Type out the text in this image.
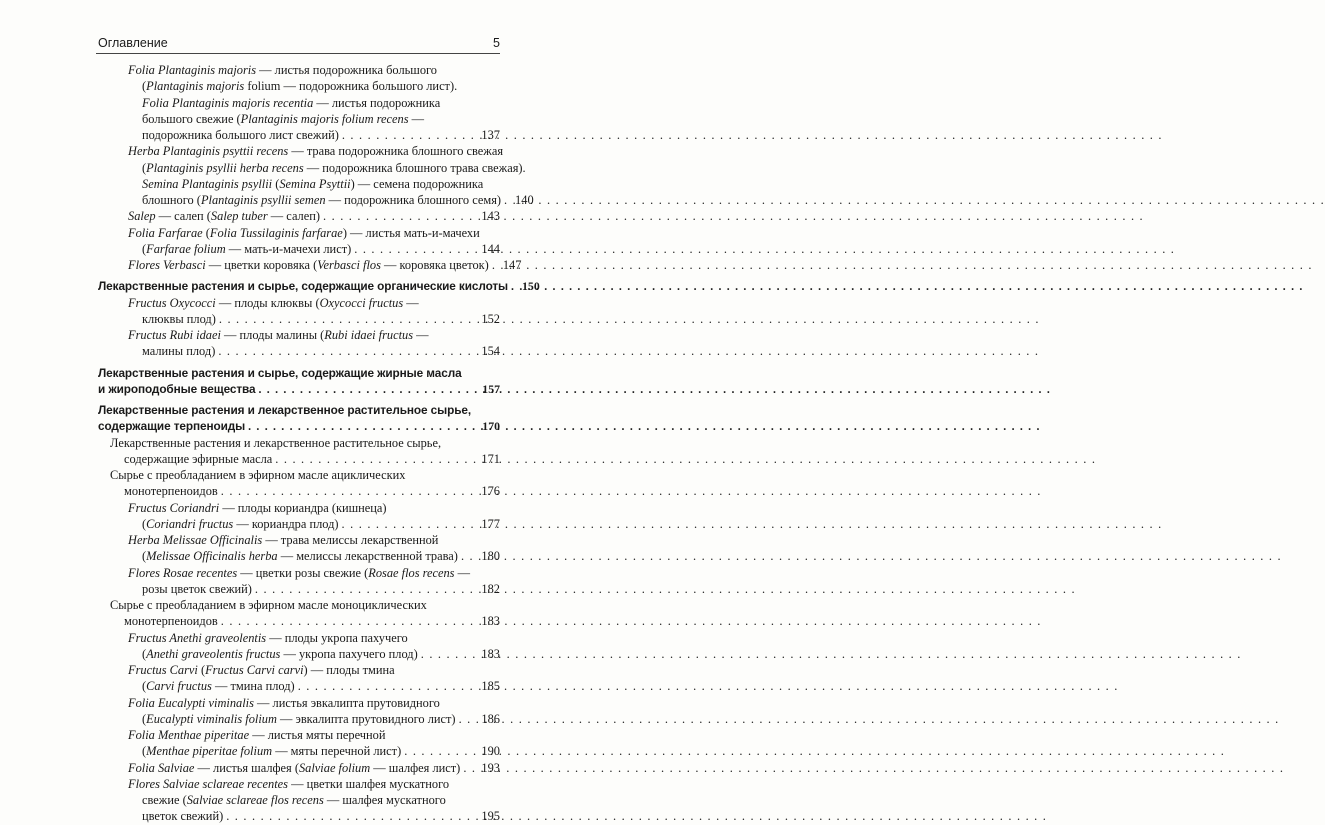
Оглавление	5
Folia Plantaginis majoris — листья подорожника большого
(Plantaginis majoris folium — подорожника большого лист).
Folia Plantaginis majoris recentia — листья подорожника
большого свежие (Plantaginis majoris folium recens —
подорожника большого лист свежий) . . .	137
Herba Plantaginis psyttii recens — трава подорожника блошного свежая
(Plantaginis psyllii herba recens — подорожника блошного трава свежая).
Semina Plantaginis psyllii (Semina Psyttii) — семена подорожника
блошного (Plantaginis psyllii semen — подорожника блошного семя) . . . 140
Salep — салеп (Salep tuber — салеп) . . .	143
Folia Farfarae (Folia Tussilaginis farfarae) — листья мать-и-мачехи
(Farfarae folium — мать-и-мачехи лист) . . .	144
Flores Verbasci — цветки коровяка (Verbasci flos — коровяка цветок) . . . 147
Лекарственные растения и сырье, содержащие органические кислоты . . . 150
Fructus Oxycocci — плоды клюквы (Oxycocci fructus —
клюквы плод) . . .	152
Fructus Rubi idaei — плоды малины (Rubi idaei fructus —
малины плод) . . .	154
Лекарственные растения и сырье, содержащие жирные масла
и жироподобные вещества . . .	157
Лекарственные растения и лекарственное растительное сырье,
содержащие терпеноиды . . .	170
Лекарственные растения и лекарственное растительное сырье,
содержащие эфирные масла . . .	171
Сырье с преобладанием в эфирном масле ациклических
монотерпеноидов . . .	176
Fructus Coriandri — плоды кориандра (кишнеца)
(Coriandri fructus — кориандра плод) . . .	177
Herba Melissae Officinalis — трава мелиссы лекарственной
(Melissae Officinalis herba — мелиссы лекарственной трава) . . . 180
Flores Rosae recentes — цветки розы свежие (Rosae flos recens —
розы цветок свежий) . . .	182
Сырье с преобладанием в эфирном масле моноциклических
монотерпеноидов . . .	183
Fructus Anethi graveolentis — плоды укропа пахучего
(Anethi graveolentis fructus — укропа пахучего плод) . . .	183
Fructus Carvi (Fructus Carvi carvi) — плоды тмина
(Carvi fructus — тмина плод) . . .	185
Folia Eucalypti viminalis — листья эвкалипта прутовидного
(Eucalypti viminalis folium — эвкалипта прутовидного лист) . . . 186
Folia Menthae piperitae — листья мяты перечной
(Menthae piperitae folium — мяты перечной лист) . . .	190
Folia Salviae — листья шалфея (Salviae folium — шалфея лист) . . . 193
Flores Salviae sclareae recentes — цветки шалфея мускатного
свежие (Salviae sclareae flos recens — шалфея мускатного
цветок свежий) . . .	195
